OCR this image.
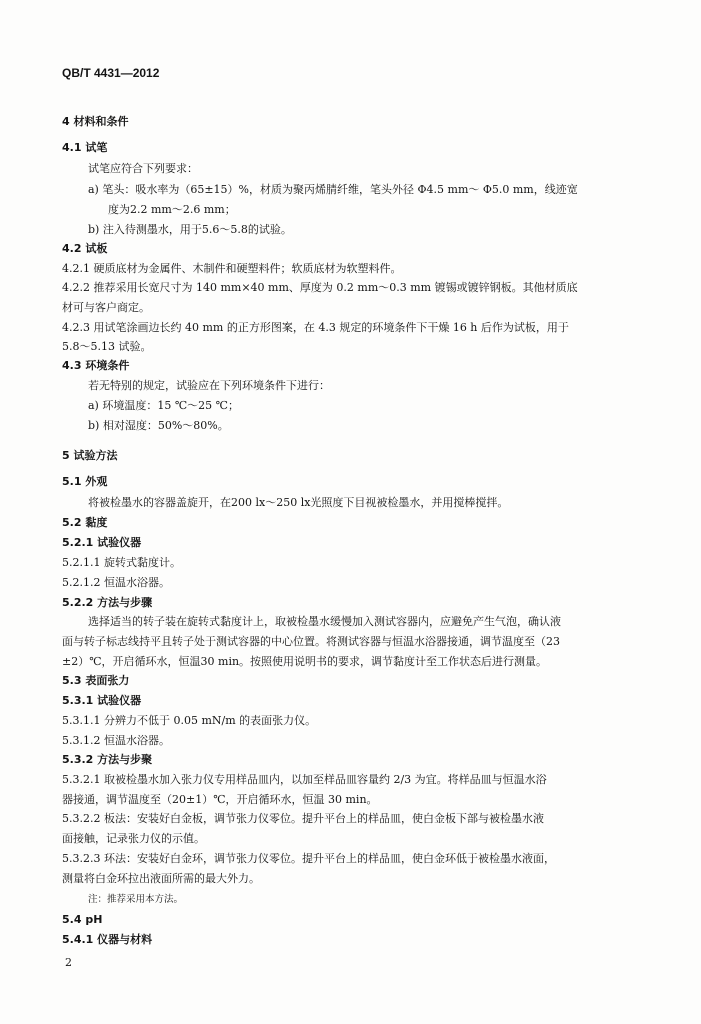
QB/T 4431—2012
4 材料和条件
4.1 试笔
试笔应符合下列要求：
a) 笔头：吸水率为（65±15）%，材质为聚丙烯腈纤维，笔头外径 Φ4.5 mm～ Φ5.0 mm，线迹宽
度为2.2 mm～2.6 mm；
b) 注入待测墨水，用于5.6～5.8的试验。
4.2 试板
4.2.1 硬质底材为金属件、木制件和硬塑料件；软质底材为软塑料件。
4.2.2 推荐采用长宽尺寸为 140 mm×40 mm、厚度为 0.2 mm～0.3 mm 镀锡或镀锌钢板。其他材质底
材可与客户商定。
4.2.3 用试笔涂画边长约 40 mm 的正方形图案，在 4.3 规定的环境条件下干燥 16 h 后作为试板，用于
5.8～5.13 试验。
4.3 环境条件
若无特别的规定，试验应在下列环境条件下进行：
a) 环境温度：15 ℃～25 ℃；
b) 相对湿度：50%～80%。
5 试验方法
5.1 外观
将被检墨水的容器盖旋开，在200 lx～250 lx光照度下目视被检墨水，并用搅棒搅拌。
5.2 黏度
5.2.1 试验仪器
5.2.1.1 旋转式黏度计。
5.2.1.2 恒温水浴器。
5.2.2 方法与步骤
选择适当的转子装在旋转式黏度计上，取被检墨水缓慢加入测试容器内，应避免产生气泡，确认液
面与转子标志线持平且转子处于测试容器的中心位置。将测试容器与恒温水浴器接通，调节温度至（23
±2）℃，开启循环水，恒温30 min。按照使用说明书的要求，调节黏度计至工作状态后进行测量。
5.3 表面张力
5.3.1 试验仪器
5.3.1.1 分辨力不低于 0.05 mN/m 的表面张力仪。
5.3.1.2 恒温水浴器。
5.3.2 方法与步聚
5.3.2.1 取被检墨水加入张力仪专用样品皿内，以加至样品皿容量约 2/3 为宜。将样品皿与恒温水浴
器接通，调节温度至（20±1）℃，开启循环水，恒温 30 min。
5.3.2.2 板法：安装好白金板，调节张力仪零位。提升平台上的样品皿，使白金板下部与被检墨水液
面接触，记录张力仪的示值。
5.3.2.3 环法：安装好白金环，调节张力仪零位。提升平台上的样品皿，使白金环低于被检墨水液面，
测量将白金环拉出液面所需的最大外力。
注：推荐采用本方法。
5.4 pH
5.4.1 仪器与材料
2
